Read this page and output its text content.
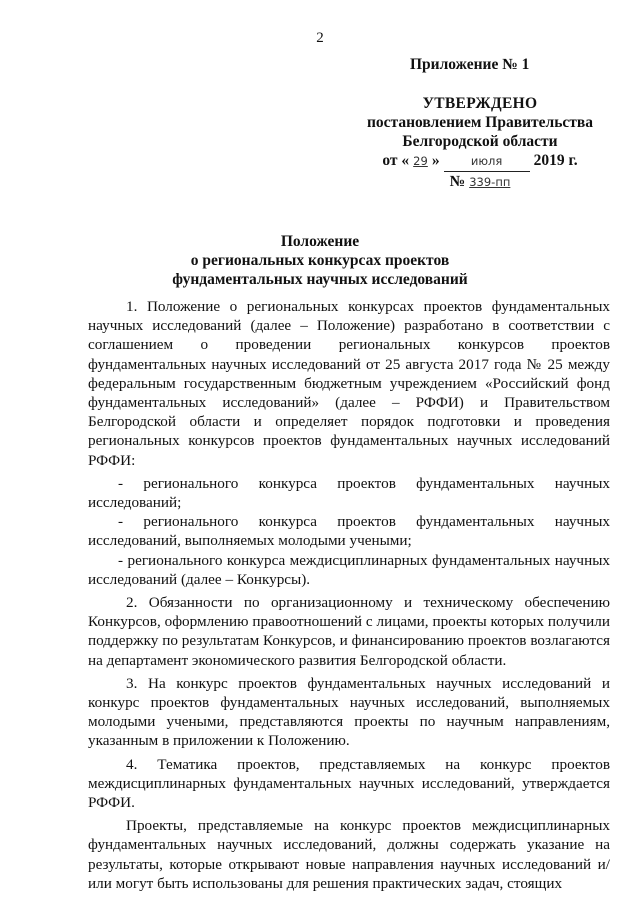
2
Приложение № 1
УТВЕРЖДЕНО
постановлением Правительства
Белгородской области
от « 29 »	июля	2019 г.
№ 339-пп
Положение
о региональных конкурсах проектов
фундаментальных научных исследований

1. Положение о региональных конкурсах проектов фундаментальных научных исследований (далее – Положение) разработано в соответствии с соглашением о проведении региональных конкурсов проектов фундаментальных научных исследований от 25 августа 2017 года № 25 между федеральным государственным бюджетным учреждением «Российский фонд фундаментальных исследований» (далее – РФФИ) и Правительством Белгородской области и определяет порядок подготовки и проведения региональных конкурсов проектов фундаментальных научных исследований РФФИ:

- регионального конкурса проектов фундаментальных научных исследований;

- регионального конкурса проектов фундаментальных научных исследований, выполняемых молодыми учеными;

- регионального конкурса междисциплинарных фундаментальных научных исследований (далее – Конкурсы).

2. Обязанности по организационному и техническому обеспечению Конкурсов, оформлению правоотношений с лицами, проекты которых получили поддержку по результатам Конкурсов, и финансированию проектов возлагаются на департамент экономического развития Белгородской области.

3. На конкурс проектов фундаментальных научных исследований и конкурс проектов фундаментальных научных исследований, выполняемых молодыми учеными, представляются проекты по научным направлениям, указанным в приложении к Положению.

4. Тематика проектов, представляемых на конкурс проектов междисциплинарных фундаментальных научных исследований, утверждается РФФИ.

Проекты, представляемые на конкурс проектов междисциплинарных фундаментальных научных исследований, должны содержать указание на результаты, которые открывают новые направления научных исследований и/или могут быть использованы для решения практических задач, стоящих
